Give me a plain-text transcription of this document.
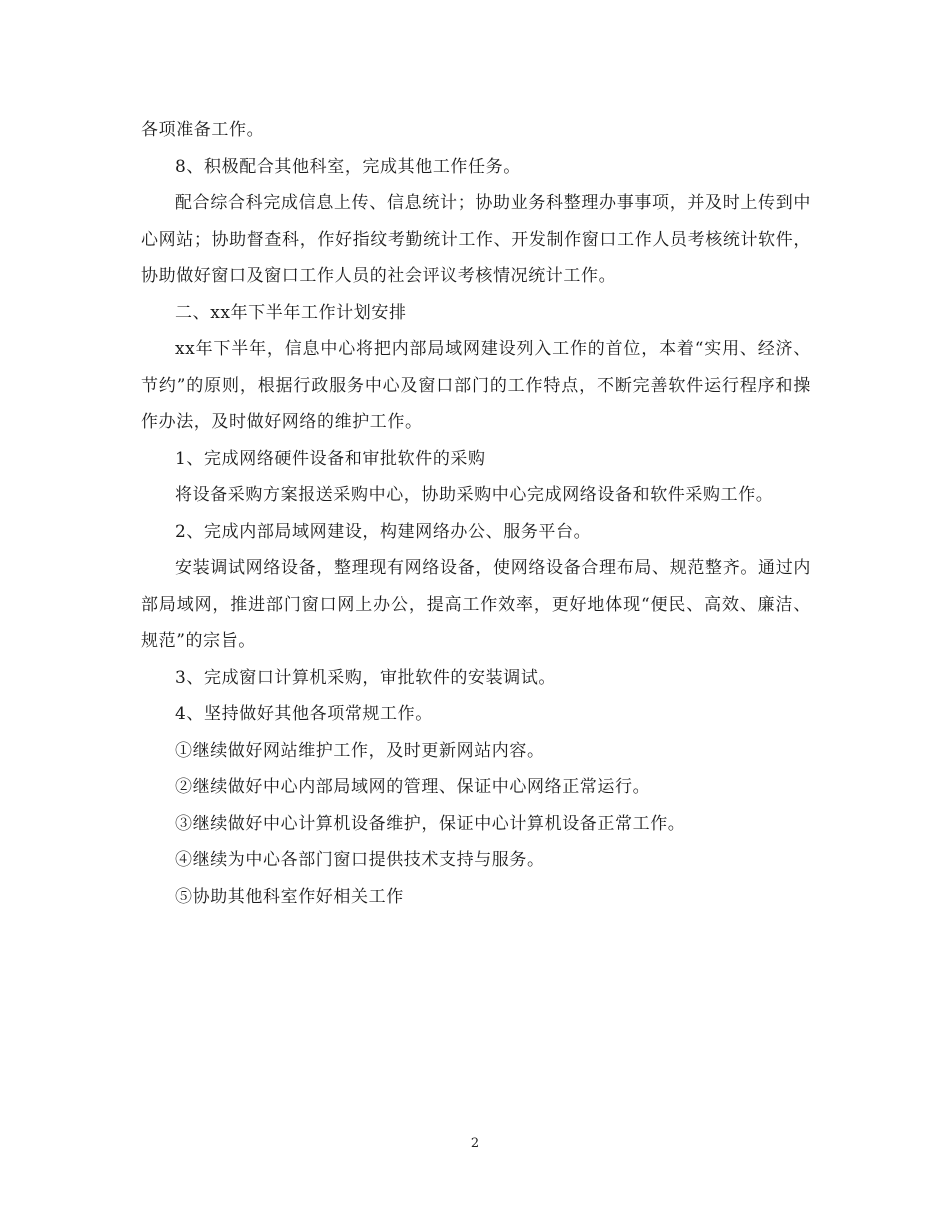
各项准备工作。

8、积极配合其他科室，完成其他工作任务。

配合综合科完成信息上传、信息统计；协助业务科整理办事事项，并及时上传到中心网站；协助督查科，作好指纹考勤统计工作、开发制作窗口工作人员考核统计软件，协助做好窗口及窗口工作人员的社会评议考核情况统计工作。

二、xx年下半年工作计划安排

xx年下半年，信息中心将把内部局域网建设列入工作的首位，本着“实用、经济、节约”的原则，根据行政服务中心及窗口部门的工作特点，不断完善软件运行程序和操作办法，及时做好网络的维护工作。

1、完成网络硬件设备和审批软件的采购

将设备采购方案报送采购中心，协助采购中心完成网络设备和软件采购工作。

2、完成内部局域网建设，构建网络办公、服务平台。

安装调试网络设备，整理现有网络设备，使网络设备合理布局、规范整齐。通过内部局域网，推进部门窗口网上办公，提高工作效率，更好地体现“便民、高效、廉洁、规范”的宗旨。

3、完成窗口计算机采购，审批软件的安装调试。

4、坚持做好其他各项常规工作。

①继续做好网站维护工作，及时更新网站内容。

②继续做好中心内部局域网的管理、保证中心网络正常运行。

③继续做好中心计算机设备维护，保证中心计算机设备正常工作。

④继续为中心各部门窗口提供技术支持与服务。

⑤协助其他科室作好相关工作

2
